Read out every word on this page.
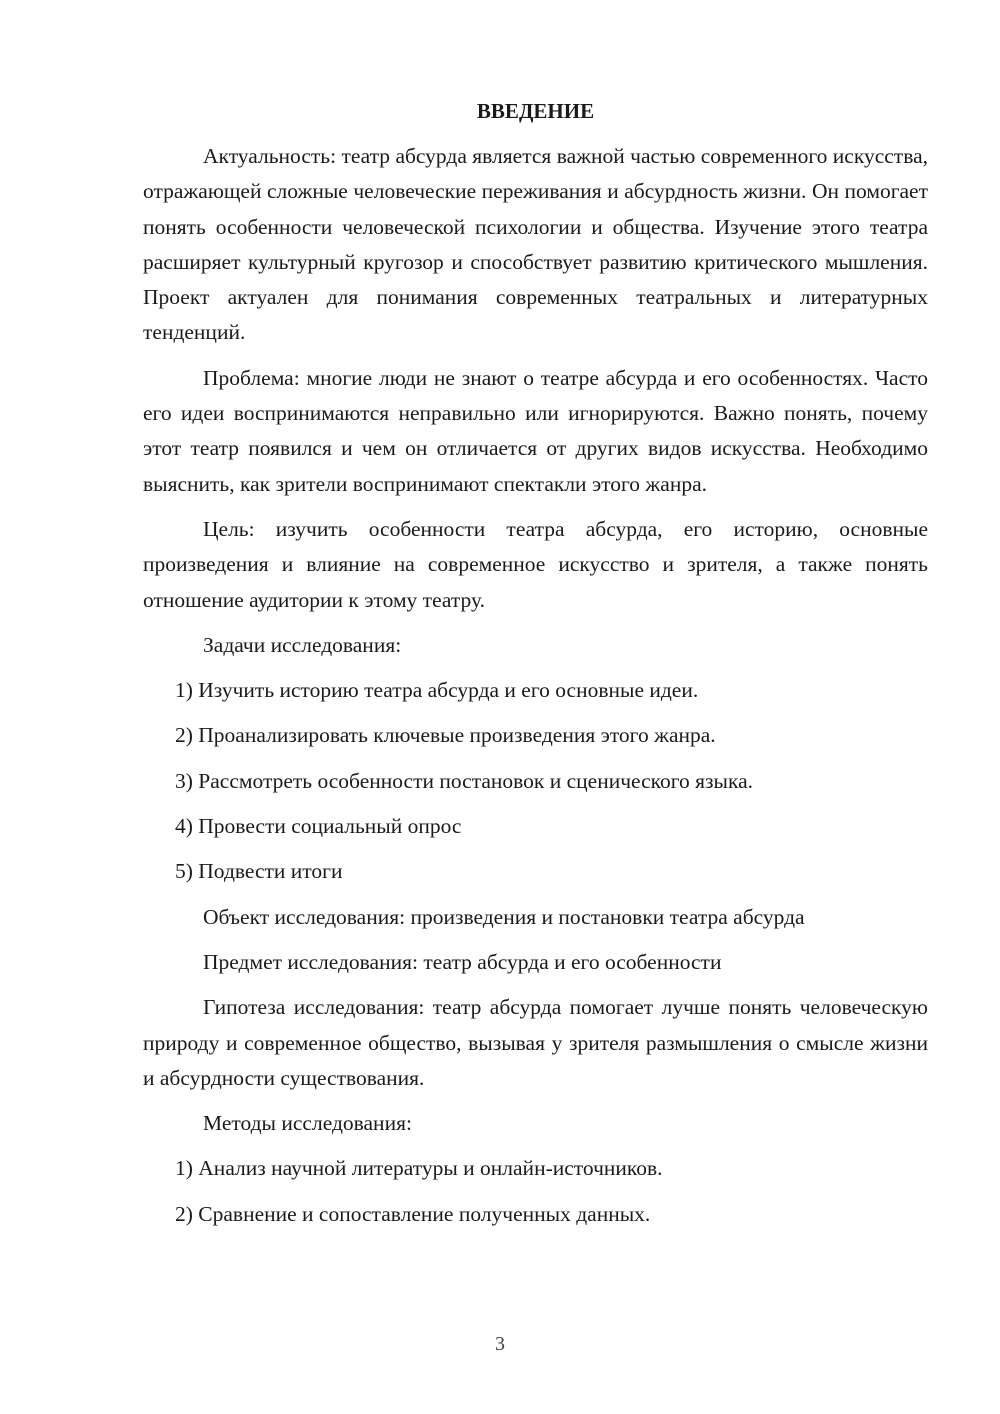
ВВЕДЕНИЕ

Актуальность: театр абсурда является важной частью современного искусства, отражающей сложные человеческие переживания и абсурдность жизни. Он помогает понять особенности человеческой психологии и общества. Изучение этого театра расширяет культурный кругозор и способствует развитию критического мышления. Проект актуален для понимания современных театральных и литературных тенденций.

Проблема: многие люди не знают о театре абсурда и его особенностях. Часто его идеи воспринимаются неправильно или игнорируются. Важно понять, почему этот театр появился и чем он отличается от других видов искусства. Необходимо выяснить, как зрители воспринимают спектакли этого жанра.

Цель: изучить особенности театра абсурда, его историю, основные произведения и влияние на современное искусство и зрителя, а также понять отношение аудитории к этому театру.

Задачи исследования:
1) Изучить историю театра абсурда и его основные идеи.
2) Проанализировать ключевые произведения этого жанра.
3) Рассмотреть особенности постановок и сценического языка.
4) Провести социальный опрос
5) Подвести итоги
Объект исследования: произведения и постановки театра абсурда
Предмет исследования: театр абсурда и его особенности

Гипотеза исследования: театр абсурда помогает лучше понять человеческую природу и современное общество, вызывая у зрителя размышления о смысле жизни и абсурдности существования.

Методы исследования:
1) Анализ научной литературы и онлайн-источников.
2) Сравнение и сопоставление полученных данных.
3
